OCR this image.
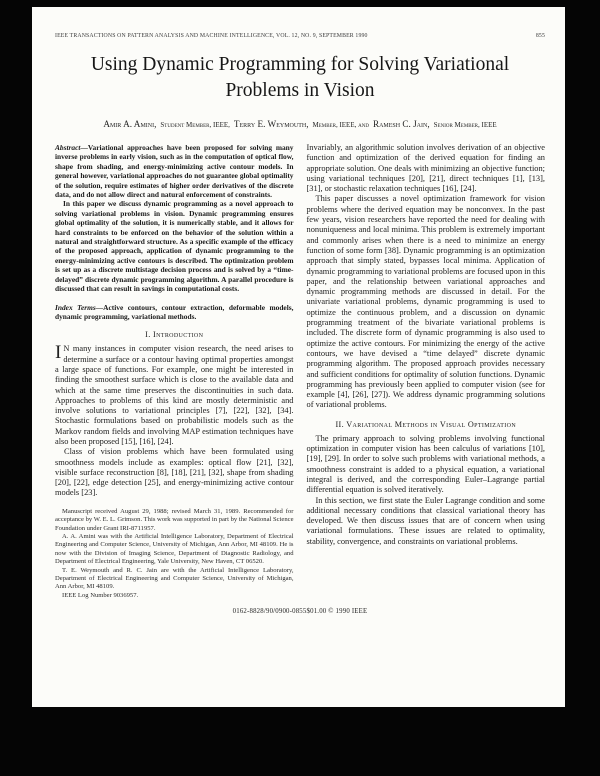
IEEE TRANSACTIONS ON PATTERN ANALYSIS AND MACHINE INTELLIGENCE, VOL. 12, NO. 9, SEPTEMBER 1990	855
Using Dynamic Programming for Solving Variational
Problems in Vision
Amir A. Amini, Student Member, IEEE, Terry E. Weymouth, Member, IEEE, and Ramesh C. Jain, Senior Member, IEEE

Abstract—Variational approaches have been proposed for solving many inverse problems in early vision, such as in the computation of optical flow, shape from shading, and energy-minimizing active contour models. In general however, variational approaches do not guarantee global optimality of the solution, require estimates of higher order derivatives of the discrete data, and do not allow direct and natural enforcement of constraints.

In this paper we discuss dynamic programming as a novel approach to solving variational problems in vision. Dynamic programming ensures global optimality of the solution, it is numerically stable, and it allows for hard constraints to be enforced on the behavior of the solution within a natural and straightforward structure. As a specific example of the efficacy of the proposed approach, application of dynamic programming to the energy-minimizing active contours is described. The optimization problem is set up as a discrete multistage decision process and is solved by a “time-delayed” discrete dynamic programming algorithm. A parallel procedure is discussed that can result in savings in computational costs.

Index Terms—Active contours, contour extraction, deformable models, dynamic programming, variational methods.

I. Introduction

I N many instances in computer vision research, the need arises to determine a surface or a contour having optimal properties amongst a large space of functions. For example, one might be interested in finding the smoothest surface which is close to the available data and which at the same time preserves the discontinuities in such data. Approaches to problems of this kind are mostly deterministic and involve solutions to variational principles [7], [22], [32], [34]. Stochastic formulations based on probabilistic models such as the Markov random fields and involving MAP estimation techniques have also been proposed [15], [16], [24].

Class of vision problems which have been formulated using smoothness models include as examples: optical flow [21], [32], visible surface reconstruction [8], [18], [21], [32], shape from shading [20], [22], edge detection [25], and energy-minimizing active contour models [23].

Manuscript received August 29, 1988; revised March 31, 1989. Recommended for acceptance by W. E. L. Grimson. This work was supported in part by the National Science Foundation under Grant IRI-8711957.

A. A. Amini was with the Artificial Intelligence Laboratory, Department of Electrical Engineering and Computer Science, University of Michigan, Ann Arbor, MI 48109. He is now with the Division of Imaging Science, Department of Diagnostic Radiology, and Department of Electrical Engineering, Yale University, New Haven, CT 06520.

T. E. Weymouth and R. C. Jain are with the Artificial Intelligence Laboratory, Department of Electrical Engineering and Computer Science, University of Michigan, Ann Arbor, MI 48109.

IEEE Log Number 9036957.

Invariably, an algorithmic solution involves derivation of an objective function and optimization of the derived equation for finding an appropriate solution. One deals with minimizing an objective function; using variational techniques [20], [21], direct techniques [1], [13], [31], or stochastic relaxation techniques [16], [24].

This paper discusses a novel optimization framework for vision problems where the derived equation may be nonconvex. In the past few years, vision researchers have reported the need for dealing with nonuniqueness and local minima. This problem is extremely important and commonly arises when there is a need to minimize an energy function of some form [38]. Dynamic programming is an optimization approach that simply stated, bypasses local minima. Application of dynamic programming to variational problems are focused upon in this paper, and the relationship between variational approaches and dynamic programming methods are discussed in detail. For the univariate variational problems, dynamic programming is used to optimize the continuous problem, and a discussion on dynamic programming treatment of the bivariate variational problems is included. The discrete form of dynamic programming is also used to optimize the active contours. For minimizing the energy of the active contours, we have devised a “time delayed” discrete dynamic programming algorithm. The proposed approach provides necessary and sufficient conditions for optimality of solution functions. Dynamic programming has previously been applied to computer vision (see for example [4], [26], [27]). We address dynamic programming solutions of variational problems.

II. Variational Methods in Visual Optimization

The primary approach to solving problems involving functional optimization in computer vision has been calculus of variations [10], [19], [29]. In order to solve such problems with variational methods, a smoothness constraint is added to a physical equation, a variational integral is derived, and the corresponding Euler–Lagrange partial differential equation is solved iteratively.

In this section, we first state the Euler Lagrange condition and some additional necessary conditions that classical variational theory has developed. We then discuss issues that are of concern when using variational formulations. These issues are related to optimality, stability, convergence, and constraints on variational problems.

0162-8828/90/0900-0855$01.00 © 1990 IEEE
